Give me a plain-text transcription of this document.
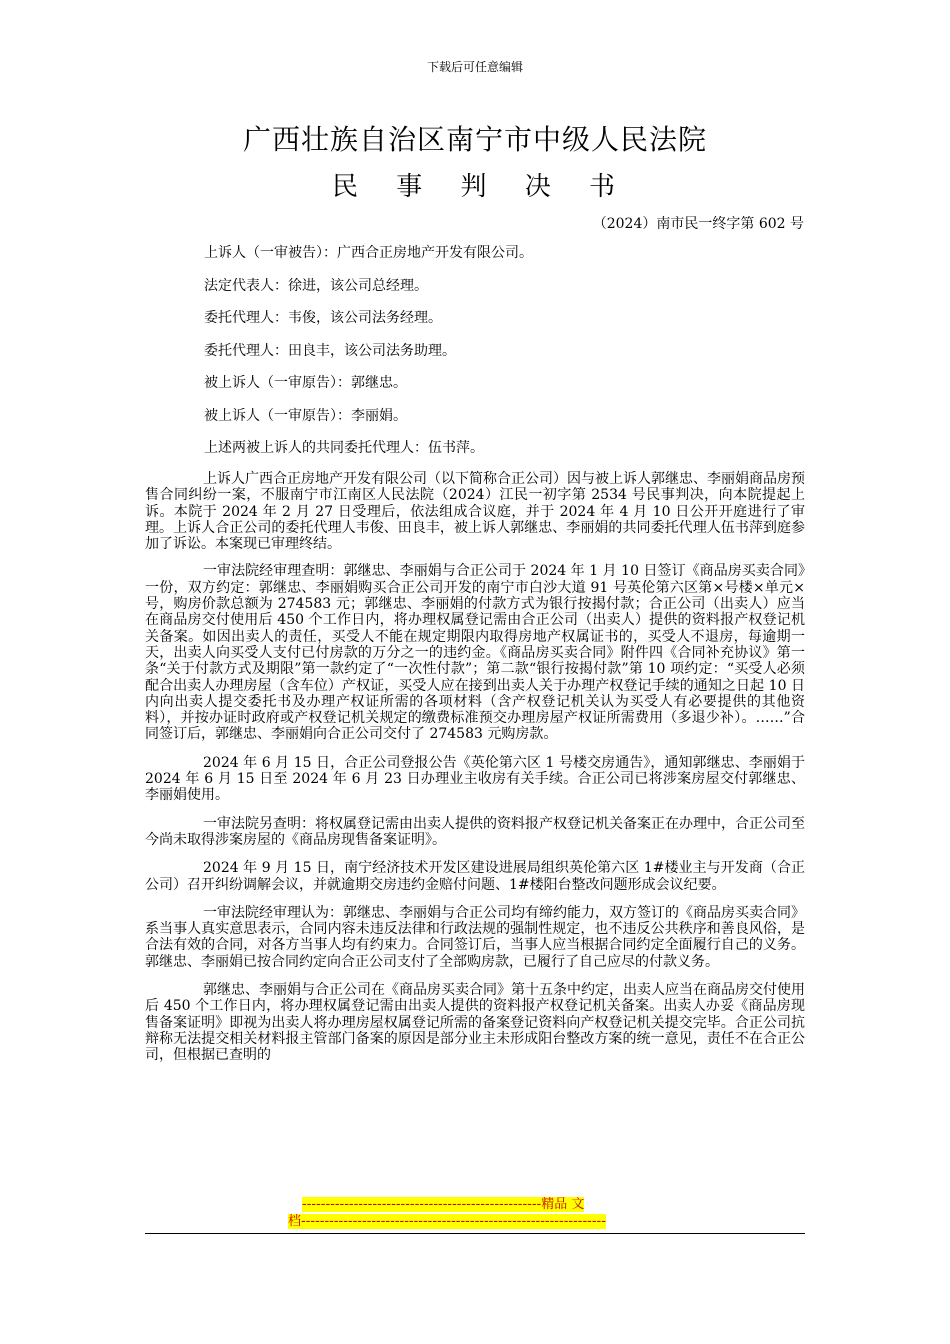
下载后可任意编辑
广西壮族自治区南宁市中级人民法院
民 事 判 决 书
（2024）南市民一终字第 602 号
上诉人（一审被告）：广西合正房地产开发有限公司。
法定代表人：徐进，该公司总经理。
委托代理人：韦俊，该公司法务经理。
委托代理人：田良丰，该公司法务助理。
被上诉人（一审原告）：郭继忠。
被上诉人（一审原告）：李丽娟。
上述两被上诉人的共同委托代理人：伍书萍。

上诉人广西合正房地产开发有限公司（以下简称合正公司）因与被上诉人郭继忠、李丽娟商品房预售合同纠纷一案，不服南宁市江南区人民法院（2024）江民一初字第 2534 号民事判决，向本院提起上诉。本院于 2024 年 2 月 27 日受理后，依法组成合议庭，并于 2024 年 4 月 10 日公开开庭进行了审理。上诉人合正公司的委托代理人韦俊、田良丰，被上诉人郭继忠、李丽娟的共同委托代理人伍书萍到庭参加了诉讼。本案现已审理终结。

一审法院经审理查明：郭继忠、李丽娟与合正公司于 2024 年 1 月 10 日签订《商品房买卖合同》一份，双方约定：郭继忠、李丽娟购买合正公司开发的南宁市白沙大道 91 号英伦第六区第×号楼×单元×号，购房价款总额为 274583 元；郭继忠、李丽娟的付款方式为银行按揭付款；合正公司（出卖人）应当在商品房交付使用后 450 个工作日内，将办理权属登记需由合正公司（出卖人）提供的资料报产权登记机关备案。如因出卖人的责任，买受人不能在规定期限内取得房地产权属证书的，买受人不退房，每逾期一天，出卖人向买受人支付已付房款的万分之一的违约金。《商品房买卖合同》附件四《合同补充协议》第一条“关于付款方式及期限”第一款约定了“一次性付款”；第二款“银行按揭付款”第 10 项约定：“买受人必须配合出卖人办理房屋（含车位）产权证，买受人应在接到出卖人关于办理产权登记手续的通知之日起 10 日内向出卖人提交委托书及办理产权证所需的各项材料（含产权登记机关认为买受人有必要提供的其他资料），并按办证时政府或产权登记机关规定的缴费标准预交办理房屋产权证所需费用（多退少补）。……”合同签订后，郭继忠、李丽娟向合正公司交付了 274583 元购房款。

2024 年 6 月 15 日，合正公司登报公告《英伦第六区 1 号楼交房通告》，通知郭继忠、李丽娟于 2024 年 6 月 15 日至 2024 年 6 月 23 日办理业主收房有关手续。合正公司已将涉案房屋交付郭继忠、李丽娟使用。

一审法院另查明：将权属登记需由出卖人提供的资料报产权登记机关备案正在办理中，合正公司至今尚未取得涉案房屋的《商品房现售备案证明》。

2024 年 9 月 15 日，南宁经济技术开发区建设进展局组织英伦第六区 1#楼业主与开发商（合正公司）召开纠纷调解会议，并就逾期交房违约金赔付问题、1#楼阳台整改问题形成会议纪要。

一审法院经审理认为：郭继忠、李丽娟与合正公司均有缔约能力，双方签订的《商品房买卖合同》系当事人真实意思表示，合同内容未违反法律和行政法规的强制性规定，也不违反公共秩序和善良风俗，是合法有效的合同，对各方当事人均有约束力。合同签订后，当事人应当根据合同约定全面履行自己的义务。郭继忠、李丽娟已按合同约定向合正公司支付了全部购房款，已履行了自己应尽的付款义务。

郭继忠、李丽娟与合正公司在《商品房买卖合同》第十五条中约定，出卖人应当在商品房交付使用后 450 个工作日内，将办理权属登记需由出卖人提供的资料报产权登记机关备案。出卖人办妥《商品房现售备案证明》即视为出卖人将办理房屋权属登记所需的备案登记资料向产权登记机关提交完毕。合正公司抗辩称无法提交相关材料报主管部门备案的原因是部分业主未形成阳台整改方案的统一意见，责任不在合正公司，但根据已查明的

---------------------------------------------------精品 文
档-----------------------------------------------------------------
